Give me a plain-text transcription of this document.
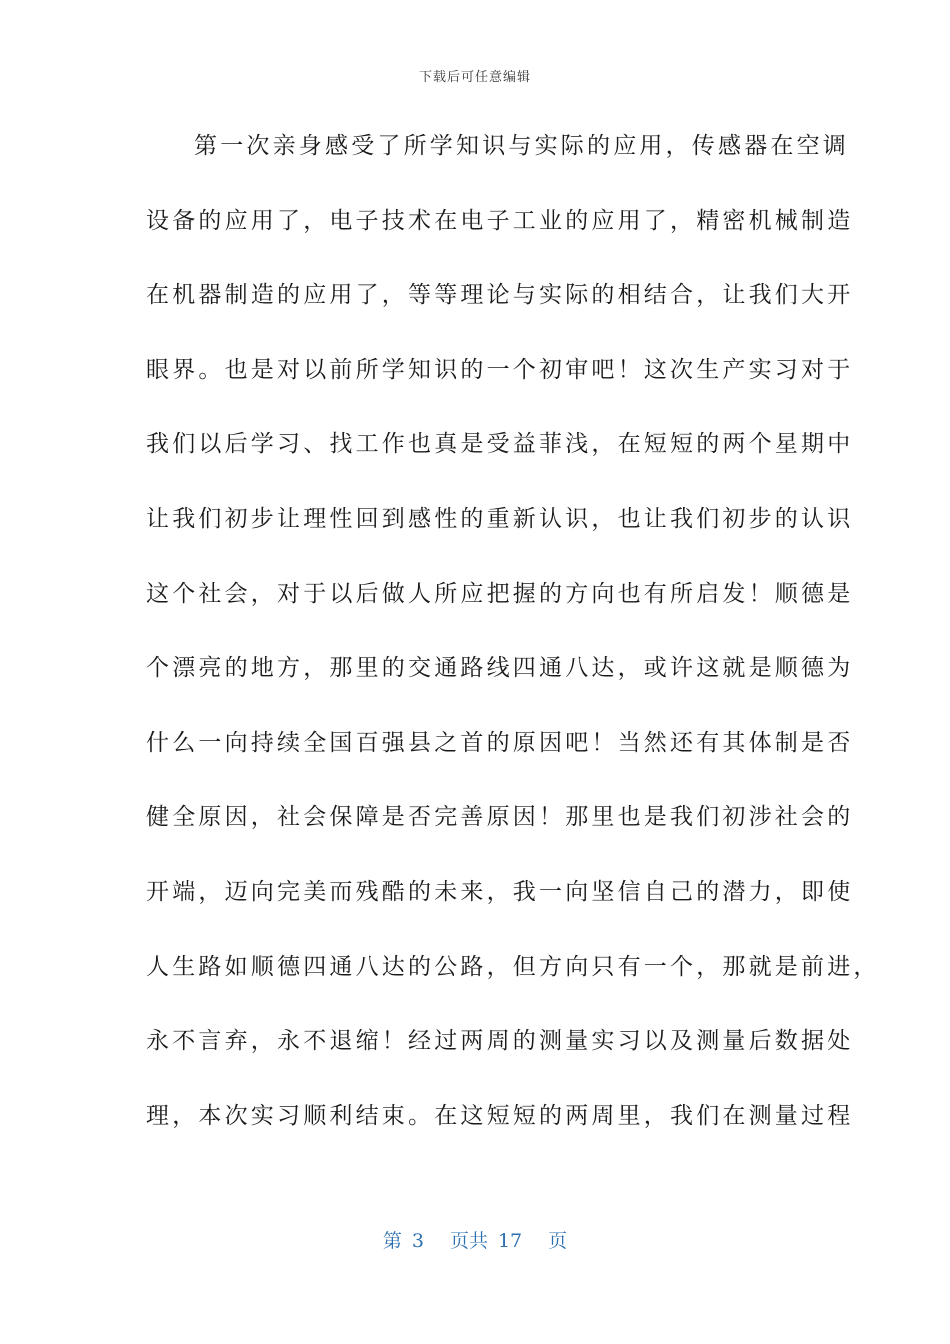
下载后可任意编辑
第一次亲身感受了所学知识与实际的应用，传感器在空调
设备的应用了，电子技术在电子工业的应用了，精密机械制造
在机器制造的应用了，等等理论与实际的相结合，让我们大开
眼界。也是对以前所学知识的一个初审吧！这次生产实习对于
我们以后学习、找工作也真是受益菲浅，在短短的两个星期中
让我们初步让理性回到感性的重新认识，也让我们初步的认识
这个社会，对于以后做人所应把握的方向也有所启发！顺德是
个漂亮的地方，那里的交通路线四通八达，或许这就是顺德为
什么一向持续全国百强县之首的原因吧！当然还有其体制是否
健全原因，社会保障是否完善原因！那里也是我们初涉社会的
开端，迈向完美而残酷的未来，我一向坚信自己的潜力，即使
人生路如顺德四通八达的公路，但方向只有一个，那就是前进，
永不言弃，永不退缩！经过两周的测量实习以及测量后数据处
理，本次实习顺利结束。在这短短的两周里，我们在测量过程
第 3 页共 17 页
